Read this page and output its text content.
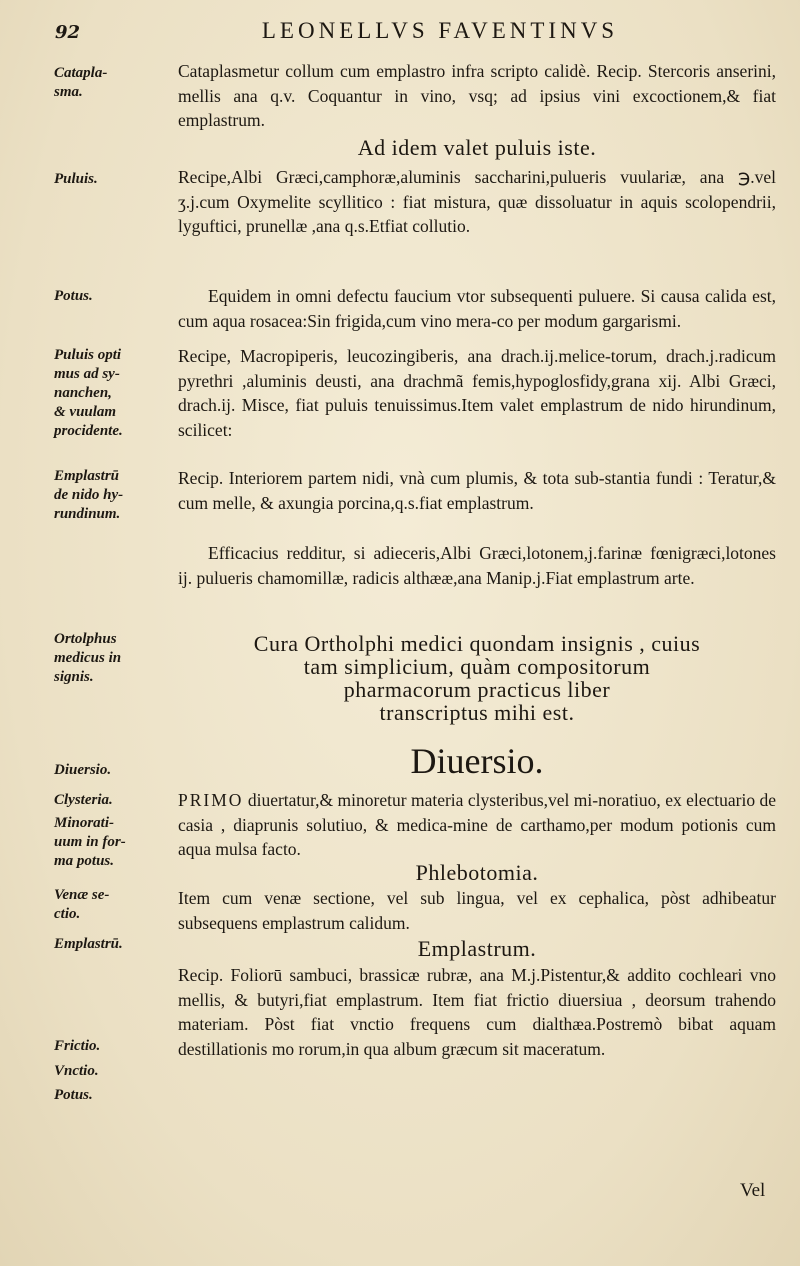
92	LEONELLVS FAVENTINVS
Catapla-
sma.
Puluis.
Potus.
Puluis opti
mus ad sy-
nanchen,
& vuulam
procidente.
Emplastrū
de nido hy-
rundinum.
Ortolphus
medicus in
signis.
Diuersio.
Clysteria.
Minorati-
uum in for-
ma potus.
Venæ se-
ctio.
Emplastrū.
Frictio.
Vnctio.
Potus.
Cataplasmetur collum cum emplastro infra scripto calidè. Recip. Stercoris anserini, mellis ana q.v. Coquantur in vino, vsq; ad ipsius vini excoctionem,& fiat emplastrum.
Ad idem valet puluis iste.
Recipe,Albi Græci,camphoræ,aluminis saccharini,pulueris vuulariæ, ana ℈.vel ʒ.j.cum Oxymelite scyllitico : fiat mistura, quæ dissoluatur in aquis scolopendrii, lyguftici, prunellæ ,ana q.s.Etfiat collutio.
Equidem in omni defectu faucium vtor subsequenti puluere. Si causa calida est, cum aqua rosacea:Sin frigida,cum vino mera-co per modum gargarismi.
Recipe, Macropiperis, leucozingiberis, ana drach.ij.melice-torum, drach.j.radicum pyrethri ,aluminis deusti, ana drachmã femis,hypoglosfidy,grana xij. Albi Græci, drach.ij. Misce, fiat puluis tenuissimus.Item valet emplastrum de nido hirundinum, scilicet:
Recip. Interiorem partem nidi, vnà cum plumis, & tota sub-stantia fundi : Teratur,& cum melle, & axungia porcina,q.s.fiat emplastrum.
Efficacius redditur, si adieceris,Albi Græci,lotonem,j.farinæ fœnigræci,lotones ij. pulueris chamomillæ, radicis althææ,ana Manip.j.Fiat emplastrum arte.
Cura Ortholphi medici quondam insignis , cuius
tam simplicium, quàm compositorum
pharmacorum practicus liber
transcriptus mihi est.
Diuersio.
PRIMO diuertatur,& minoretur materia clysteribus,vel mi-noratiuo, ex electuario de casia , diaprunis solutiuo, & medica-mine de carthamo,per modum potionis cum aqua mulsa facto.
Phlebotomia.
Item cum venæ sectione, vel sub lingua, vel ex cephalica, pòst adhibeatur subsequens emplastrum calidum.
Emplastrum.
Recip. Foliorū sambuci, brassicæ rubræ, ana M.j.Pistentur,& addito cochleari vno mellis, & butyri,fiat emplastrum. Item fiat frictio diuersiua , deorsum trahendo materiam. Pòst fiat vnctio frequens cum dialthæa.Postremò bibat aquam destillationis mo rorum,in qua album græcum sit maceratum.
Vel
